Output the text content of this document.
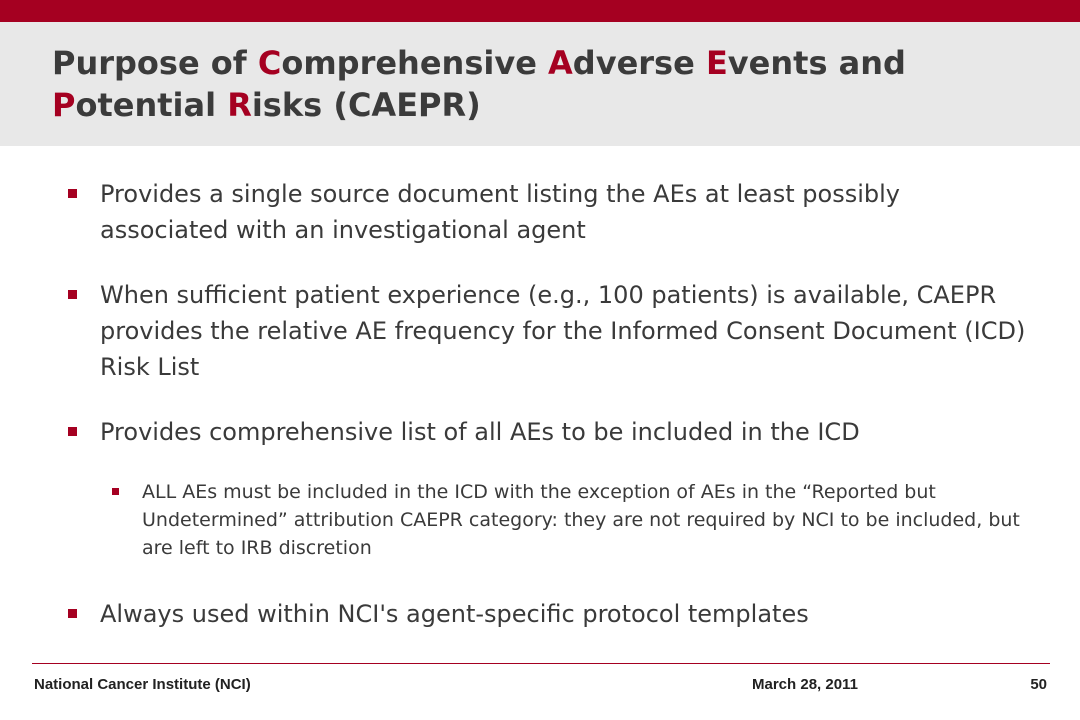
Purpose of Comprehensive Adverse Events and
Potential Risks (CAEPR)
Provides a single source document listing the AEs at least possibly associated with an investigational agent
When sufficient patient experience (e.g., 100 patients) is available, CAEPR provides the relative AE frequency for the Informed Consent Document (ICD) Risk List
Provides comprehensive list of all AEs to be included in the ICD
ALL AEs must be included in the ICD with the exception of AEs in the “Reported but Undetermined” attribution CAEPR category: they are not required by NCI to be included, but are left to IRB discretion
Always used within NCI's agent-specific protocol templates
National Cancer Institute (NCI)	March 28, 2011	50
